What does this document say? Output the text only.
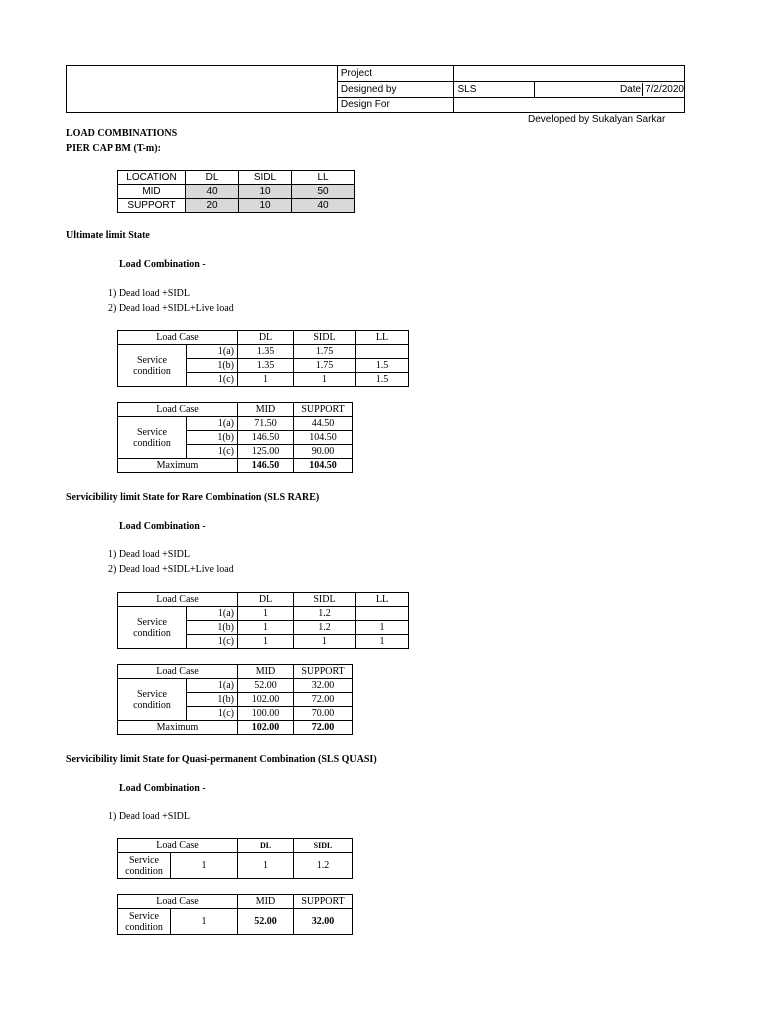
	Project		
	Designed by	SLS	Date 7/2/2020
	Design For		
Developed by Sukalyan Sarkar
LOAD COMBINATIONS
PIER CAP BM (T-m):
LOCATION	DL	SIDL	LL
MID	40	10	50
SUPPORT	20	10	40
Ultimate limit State
Load Combination -
1) Dead load +SIDL
2) Dead load +SIDL+Live load
Load Case		DL	SIDL	LL
Service condition	1(a)	1.35	1.75	
	1(b)	1.35	1.75	1.5
	1(c)	1	1	1.5
Load Case		MID	SUPPORT
Service condition	1(a)	71.50	44.50
	1(b)	146.50	104.50
	1(c)	125.00	90.00
Maximum		146.50	104.50
Servicibility limit State for Rare Combination (SLS RARE)
Load Combination -
1) Dead load +SIDL
2) Dead load +SIDL+Live load
Load Case		DL	SIDL	LL
Service condition	1(a)	1	1.2	
	1(b)	1	1.2	1
	1(c)	1	1	1
Load Case		MID	SUPPORT
Service condition	1(a)	52.00	32.00
	1(b)	102.00	72.00
	1(c)	100.00	70.00
Maximum		102.00	72.00
Servicibility limit State for Quasi-permanent Combination (SLS QUASI)
Load Combination -
1) Dead load +SIDL
Load Case		DL	SIDL
Service condition	1	1	1.2
Load Case		MID	SUPPORT
Service condition	1	52.00	32.00
